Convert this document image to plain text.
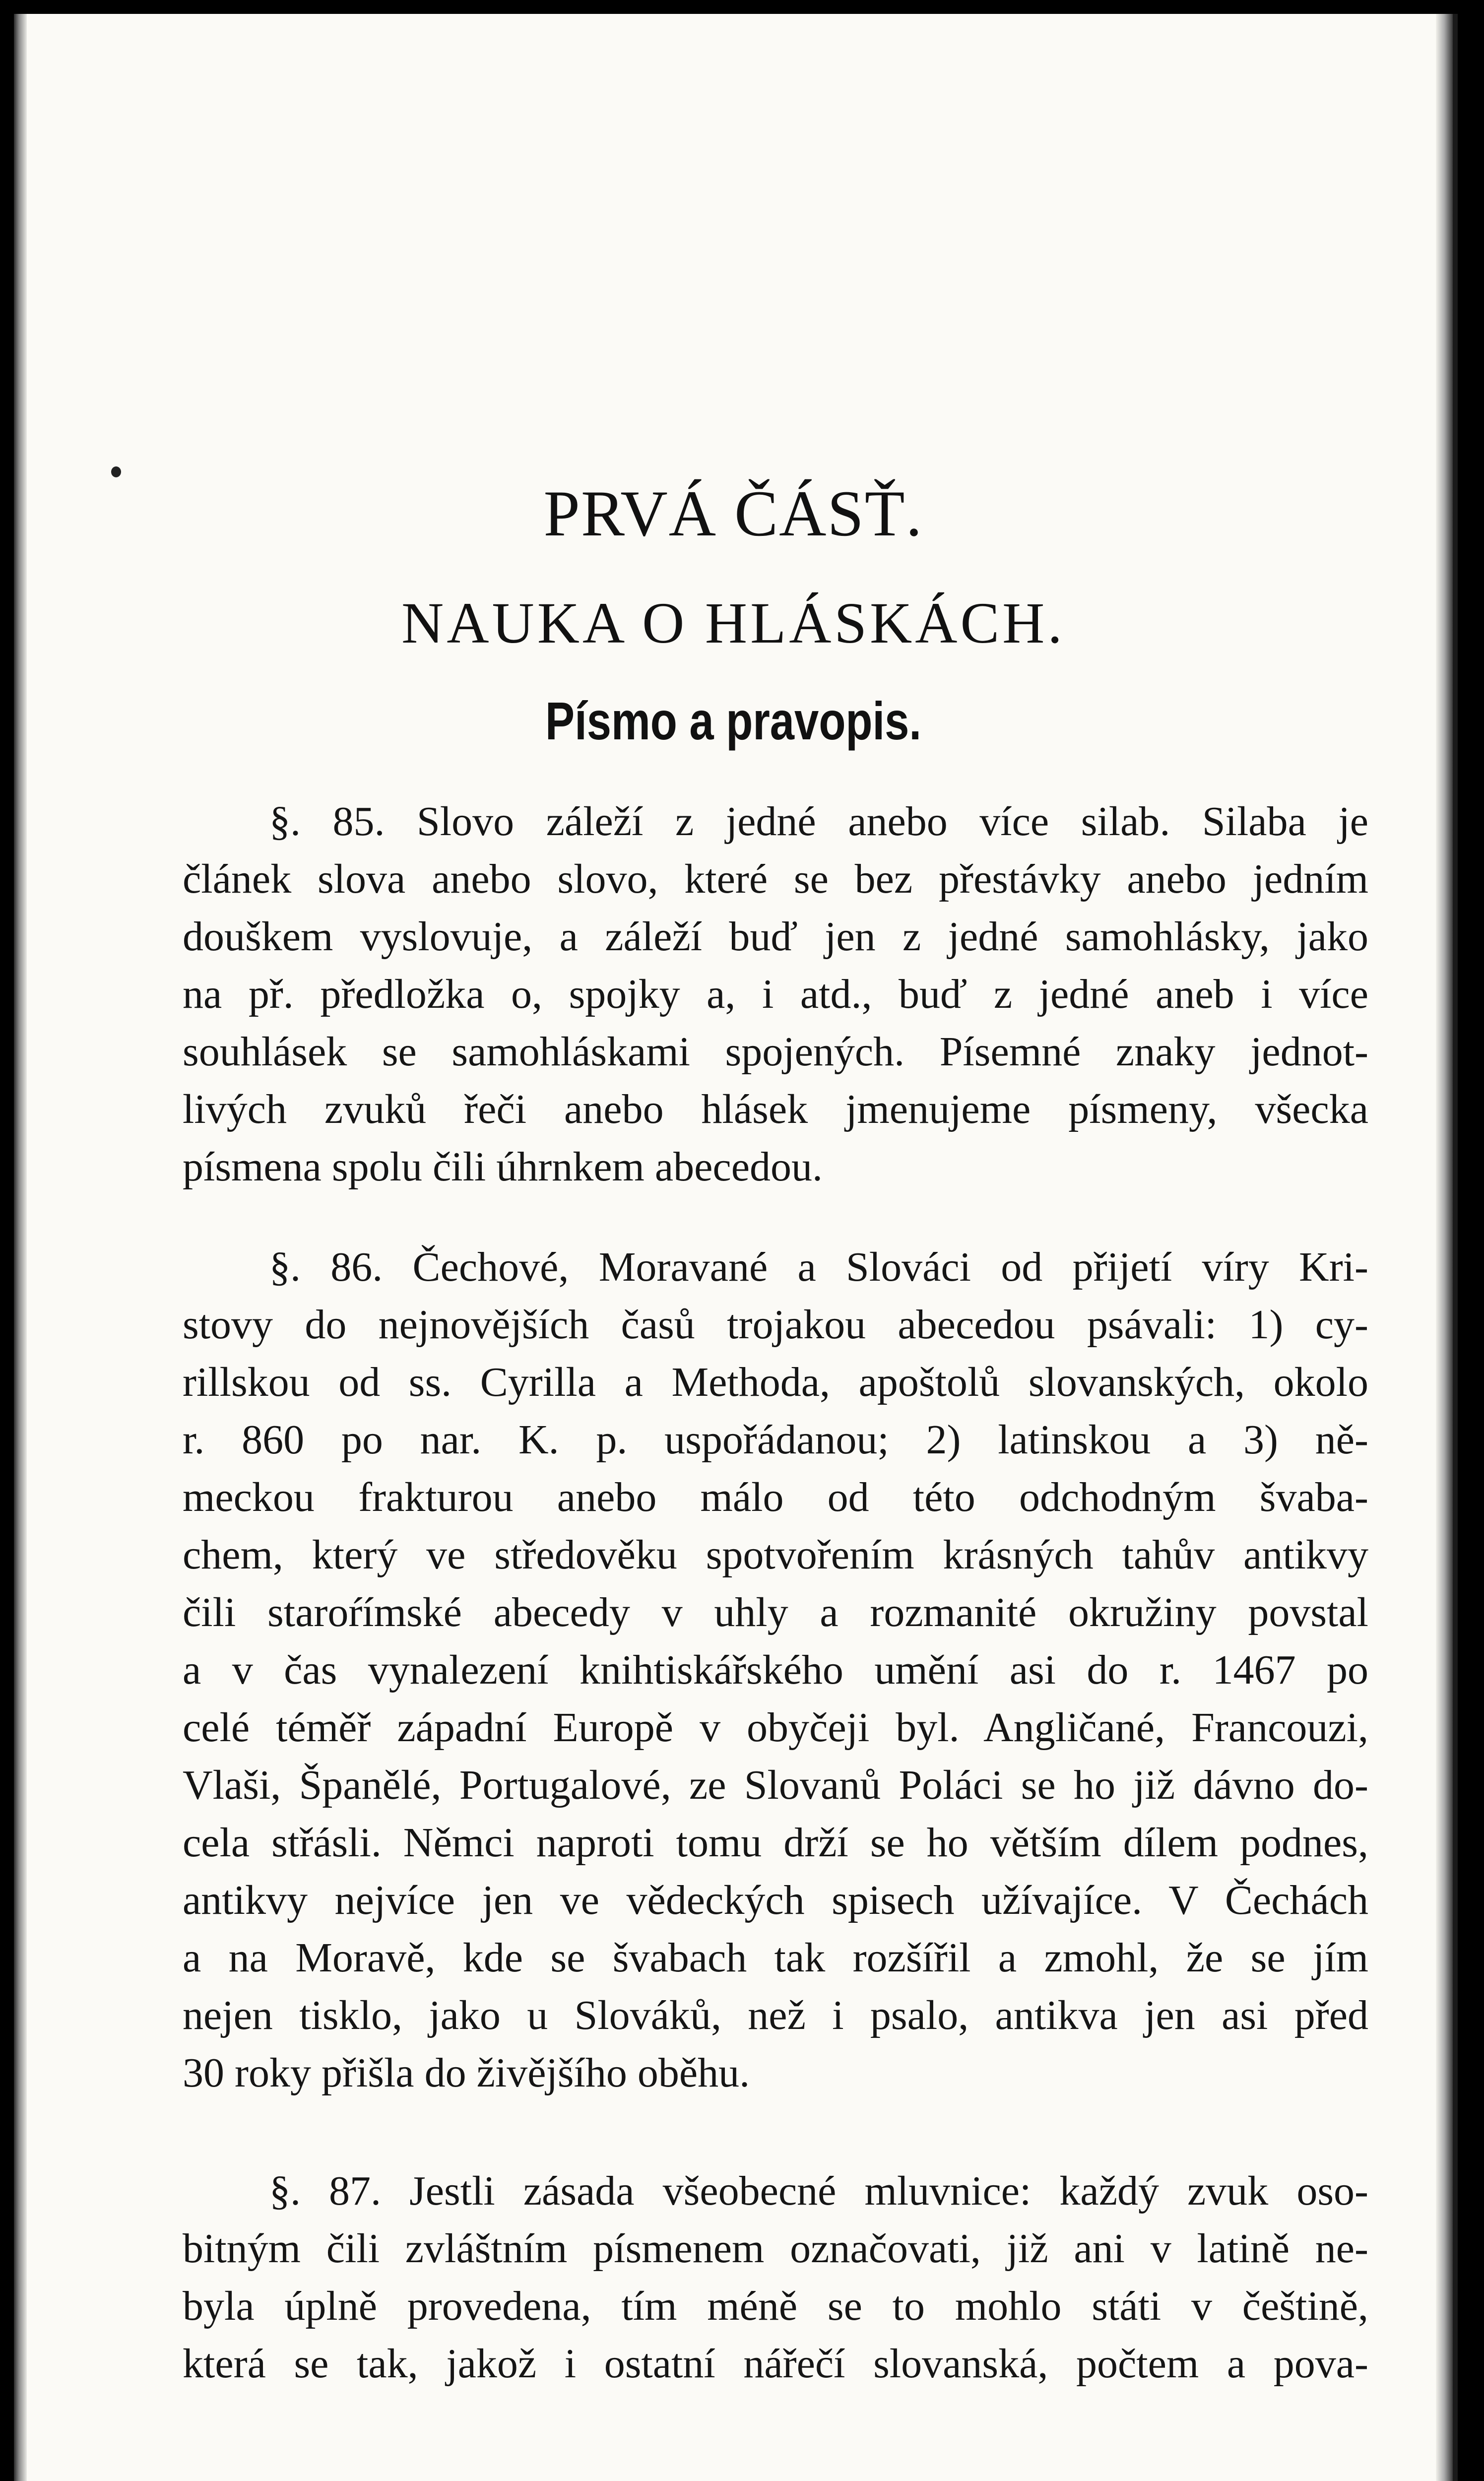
PRVÁ ČÁSŤ.
NAUKA O HLÁSKÁCH.
Písmo a pravopis.
§. 85. Slovo záleží z jedné anebo více silab. Silaba je
článek slova anebo slovo, které se bez přestávky anebo jedním
douškem vyslovuje, a záleží buď jen z jedné samohlásky, jako
na př. předložka o, spojky a, i atd., buď z jedné aneb i více
souhlásek se samohláskami spojených. Písemné znaky jednot-
livých zvuků řeči anebo hlásek jmenujeme písmeny, všecka
písmena spolu čili úhrnkem abecedou.
§. 86. Čechové, Moravané a Slováci od přijetí víry Kri-
stovy do nejnovějších časů trojakou abecedou psávali: 1) cy-
rillskou od ss. Cyrilla a Methoda, apoštolů slovanských, okolo
r. 860 po nar. K. p. uspořádanou; 2) latinskou a 3) ně-
meckou frakturou anebo málo od této odchodným švaba-
chem, který ve středověku spotvořením krásných tahův antikvy
čili staroŕímské abecedy v uhly a rozmanité okružiny povstal
a v čas vynalezení knihtiskářského umění asi do r. 1467 po
celé téměř západní Europě v obyčeji byl. Angličané, Francouzi,
Vlaši, Španělé, Portugalové, ze Slovanů Poláci se ho již dávno do-
cela střásli. Němci naproti tomu drží se ho větším dílem podnes,
antikvy nejvíce jen ve vědeckých spisech užívajíce. V Čechách
a na Moravě, kde se švabach tak rozšířil a zmohl, že se jím
nejen tisklo, jako u Slováků, než i psalo, antikva jen asi před
30 roky přišla do živějšího oběhu.
§. 87. Jestli zásada všeobecné mluvnice: každý zvuk oso-
bitným čili zvláštním písmenem označovati, již ani v latině ne-
byla úplně provedena, tím méně se to mohlo státi v češtině,
která se tak, jakož i ostatní nářečí slovanská, počtem a pova-
